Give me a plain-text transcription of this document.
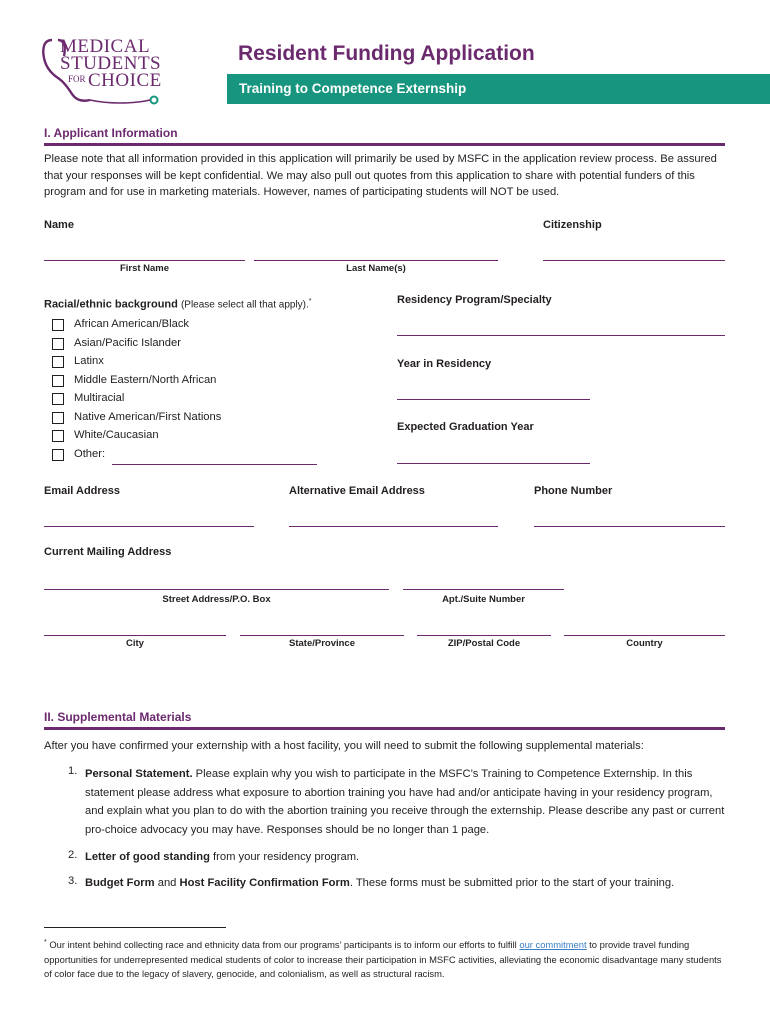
MEDICAL
STUDENTS
FOR CHOICE
Resident Funding Application
Training to Competence Externship
I. Applicant Information
Please note that all information provided in this application will primarily be used by MSFC in the application review process. Be assured that your responses will be kept confidential. We may also pull out quotes from this application to share with potential funders of this program and for use in marketing materials. However, names of participating students will NOT be used.
Name	Citizenship
First Name	Last Name(s)
Racial/ethnic background (Please select all that apply).*
African American/Black
Asian/Pacific Islander
Latinx
Middle Eastern/North African
Multiracial
Native American/First Nations
White/Caucasian
Other:
Residency Program/Specialty
Year in Residency
Expected Graduation Year
Email Address	Alternative Email Address	Phone Number
Current Mailing Address
Street Address/P.O. Box	Apt./Suite Number
City	State/Province	ZIP/Postal Code	Country
II. Supplemental Materials
After you have confirmed your externship with a host facility, you will need to submit the following supplemental materials:
1. Personal Statement. Please explain why you wish to participate in the MSFC’s Training to Competence Externship. In this statement please address what exposure to abortion training you have had and/or anticipate having in your residency program, and explain what you plan to do with the abortion training you receive through the externship. Please describe any past or current pro-choice advocacy you may have. Responses should be no longer than 1 page.
2. Letter of good standing from your residency program.
3. Budget Form and Host Facility Confirmation Form. These forms must be submitted prior to the start of your training.
* Our intent behind collecting race and ethnicity data from our programs’ participants is to inform our efforts to fulfill our commitment to provide travel funding opportunities for underrepresented medical students of color to increase their participation in MSFC activities, alleviating the economic disadvantage many students of color face due to the legacy of slavery, genocide, and colonialism, as well as structural racism.
